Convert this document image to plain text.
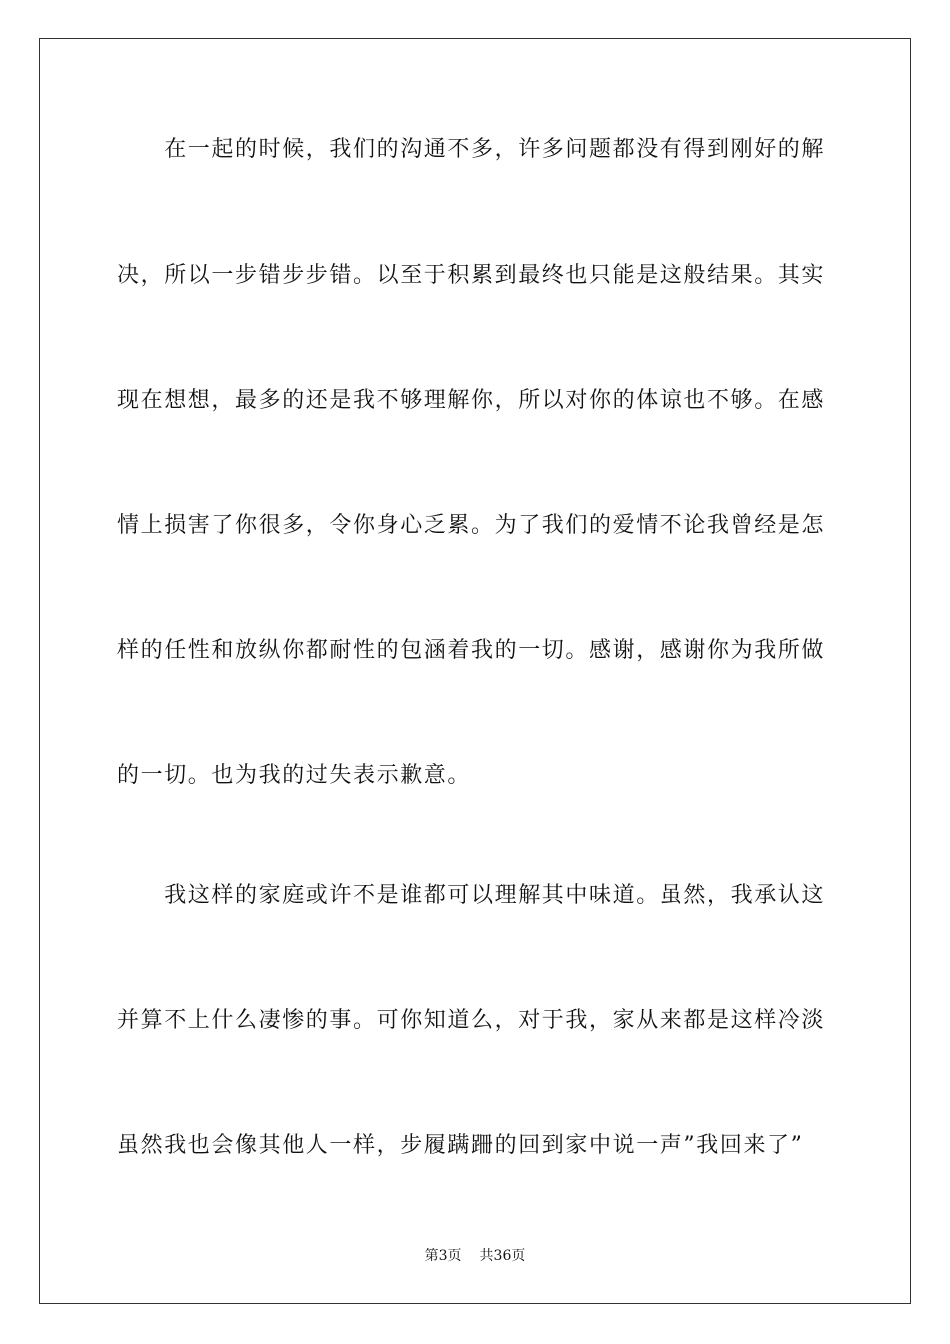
　　在一起的时候，我们的沟通不多，许多问题都没有得到刚好的解
决，所以一步错步步错。以至于积累到最终也只能是这般结果。其实
现在想想，最多的还是我不够理解你，所以对你的体谅也不够。在感
情上损害了你很多，令你身心乏累。为了我们的爱情不论我曾经是怎
样的任性和放纵你都耐性的包涵着我的一切。感谢，感谢你为我所做
的一切。也为我的过失表示歉意。
　　我这样的家庭或许不是谁都可以理解其中味道。虽然，我承认这
并算不上什么凄惨的事。可你知道么，对于我，家从来都是这样冷淡
虽然我也会像其他人一样，步履蹒跚的回到家中说一声”我回来了”
第3页 共36页
